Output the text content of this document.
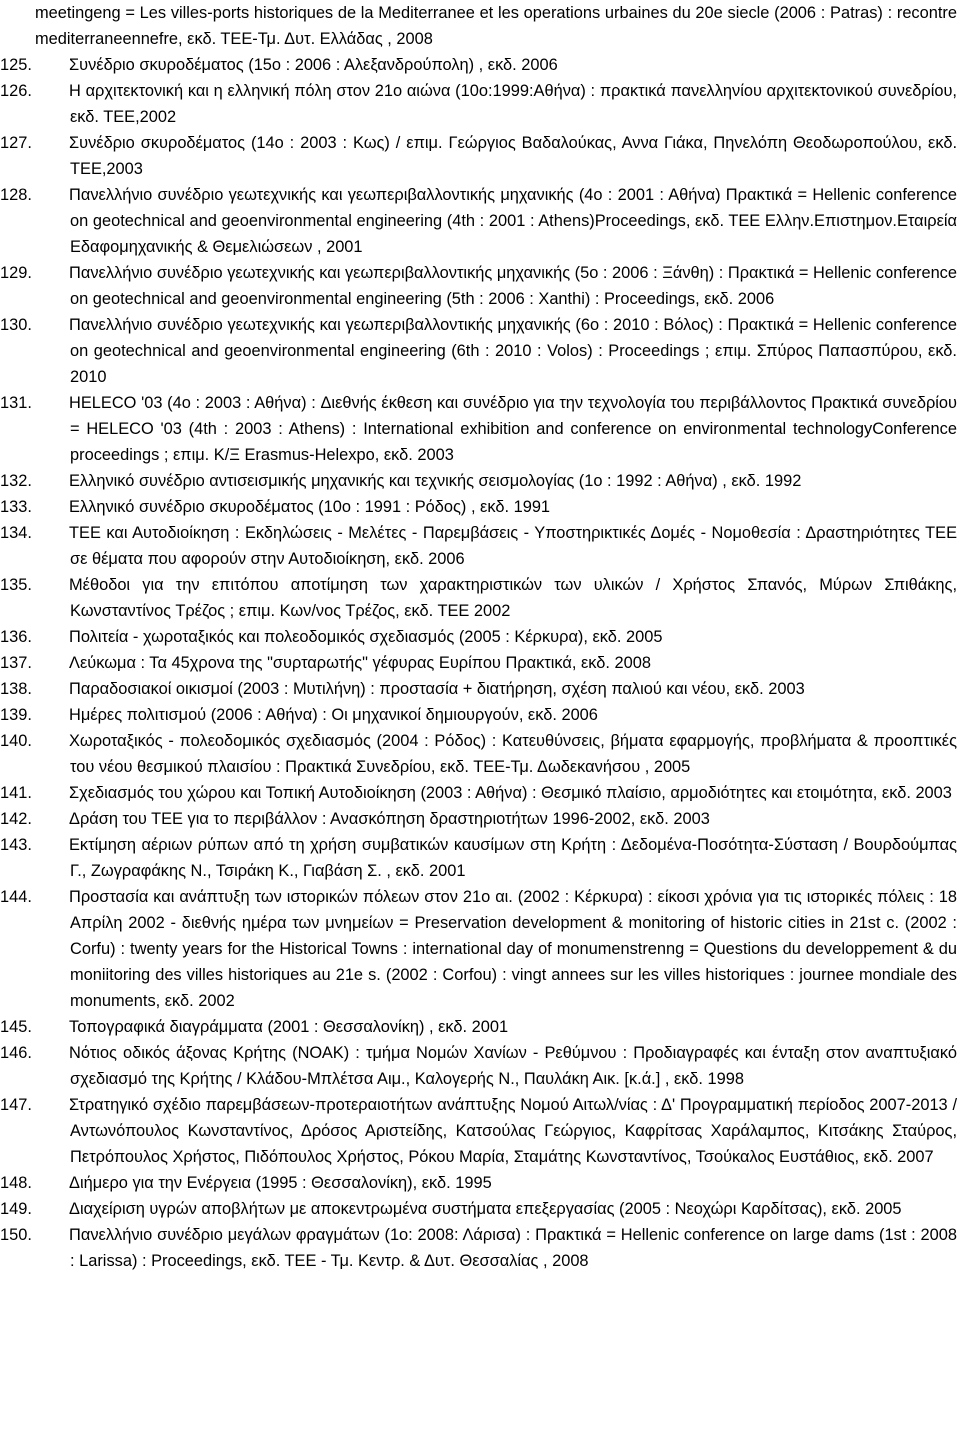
meetingeng = Les villes-ports historiques de la Mediterranee et les operations urbaines du 20e siecle (2006 : Patras) : recontre mediterraneennefre, εκδ. ΤΕΕ-Τμ. Δυτ. Ελλάδας , 2008

125. Συνέδριο σκυροδέματος (15ο : 2006 : Αλεξανδρούπολη) , εκδ. 2006

126. Η αρχιτεκτονική και η ελληνική πόλη στον 21ο αιώνα (10ο:1999:Αθήνα) : πρακτικά πανελληνίου αρχιτεκτονικού συνεδρίου, εκδ. ΤΕΕ,2002

127. Συνέδριο σκυροδέματος (14ο : 2003 : Κως) / επιμ. Γεώργιος Βαδαλούκας, Αννα Γιάκα, Πηνελόπη Θεοδωροπούλου, εκδ. ΤΕΕ,2003

128. Πανελλήνιο συνέδριο γεωτεχνικής και γεωπεριβαλλοντικής μηχανικής (4ο : 2001 : Αθήνα) Πρακτικά = Hellenic conference on geotechnical and geoenvironmental engineering (4th : 2001 : Athens)Proceedings, εκδ. ΤΕΕ Ελλην.Επιστημον.Εταιρεία Εδαφομηχανικής & Θεμελιώσεων , 2001

129. Πανελλήνιο συνέδριο γεωτεχνικής και γεωπεριβαλλοντικής μηχανικής (5ο : 2006 : Ξάνθη) : Πρακτικά = Hellenic conference on geotechnical and geoenvironmental engineering (5th : 2006 : Xanthi) : Proceedings, εκδ. 2006

130. Πανελλήνιο συνέδριο γεωτεχνικής και γεωπεριβαλλοντικής μηχανικής (6ο : 2010 : Βόλος) : Πρακτικά = Hellenic conference on geotechnical and geoenvironmental engineering (6th : 2010 : Volos) : Proceedings ; επιμ. Σπύρος Παπασπύρου, εκδ. 2010

131. HELECO '03 (4ο : 2003 : Αθήνα) : Διεθνής έκθεση και συνέδριο για την τεχνολογία του περιβάλλοντος Πρακτικά συνεδρίου = HELECO '03 (4th : 2003 : Athens) : International exhibition and conference on environmental technologyConference proceedings ; επιμ. Κ/Ξ Erasmus-Helexpo, εκδ. 2003

132. Ελληνικό συνέδριο αντισεισμικής μηχανικής και τεχνικής σεισμολογίας (1ο : 1992 : Αθήνα) , εκδ. 1992

133. Ελληνικό συνέδριο σκυροδέματος (10ο : 1991 : Ρόδος) , εκδ. 1991

134. ΤΕΕ και Αυτοδιοίκηση : Εκδηλώσεις - Μελέτες - Παρεμβάσεις - Υποστηρικτικές Δομές - Νομοθεσία : Δραστηριότητες ΤΕΕ σε θέματα που αφορούν στην Αυτοδιοίκηση, εκδ. 2006

135. Μέθοδοι για την επιτόπου αποτίμηση των χαρακτηριστικών των υλικών / Χρήστος Σπανός, Μύρων Σπιθάκης, Κωνσταντίνος Τρέζος ; επιμ. Κων/νος Τρέζος, εκδ. ΤΕΕ 2002

136. Πολιτεία - χωροταξικός και πολεοδομικός σχεδιασμός (2005 : Κέρκυρα), εκδ. 2005

137. Λεύκωμα : Τα 45χρονα της "συρταρωτής" γέφυρας Ευρίπου Πρακτικά, εκδ. 2008

138. Παραδοσιακοί οικισμοί (2003 : Μυτιλήνη) : προστασία + διατήρηση, σχέση παλιού και νέου, εκδ. 2003

139. Ημέρες πολιτισμού (2006 : Αθήνα) : Οι μηχανικοί δημιουργούν, εκδ. 2006

140. Χωροταξικός - πολεοδομικός σχεδιασμός (2004 : Ρόδος) : Κατευθύνσεις, βήματα εφαρμογής, προβλήματα & προοπτικές του νέου θεσμικού πλαισίου : Πρακτικά Συνεδρίου, εκδ. ΤΕΕ-Τμ. Δωδεκανήσου , 2005

141. Σχεδιασμός του χώρου και Τοπική Αυτοδιοίκηση (2003 : Αθήνα) : Θεσμικό πλαίσιο, αρμοδιότητες και ετοιμότητα, εκδ. 2003

142. Δράση του ΤΕΕ για το περιβάλλον : Ανασκόπηση δραστηριοτήτων 1996-2002, εκδ. 2003

143. Εκτίμηση αέριων ρύπων από τη χρήση συμβατικών καυσίμων στη Κρήτη : Δεδομένα-Ποσότητα-Σύσταση / Βουρδούμπας Γ., Ζωγραφάκης Ν., Τσιράκη Κ., Γιαβάση Σ. , εκδ. 2001

144. Προστασία και ανάπτυξη των ιστορικών πόλεων στον 21ο αι. (2002 : Κέρκυρα) : είκοσι χρόνια για τις ιστορικές πόλεις : 18 Απρίλη 2002 - διεθνής ημέρα των μνημείων = Preservation development & monitoring of historic cities in 21st c. (2002 : Corfu) : twenty years for the Historical Towns : international day of monumenstrenng = Questions du developpement & du moniitoring des villes historiques au 21e s. (2002 : Corfou) : vingt annees sur les villes historiques : journee mondiale des monuments, εκδ. 2002

145. Τοπογραφικά διαγράμματα (2001 : Θεσσαλονίκη) , εκδ. 2001

146. Νότιος οδικός άξονας Κρήτης (ΝΟΑΚ) : τμήμα Νομών Χανίων - Ρεθύμνου : Προδιαγραφές και ένταξη στον αναπτυξιακό σχεδιασμό της Κρήτης / Κλάδου-Μπλέτσα Αιμ., Καλογερής Ν., Παυλάκη Αικ. [κ.ά.] , εκδ. 1998

147. Στρατηγικό σχέδιο παρεμβάσεων-προτεραιοτήτων ανάπτυξης Νομού Αιτωλ/νίας : Δ' Προγραμματική περίοδος 2007-2013 / Αντωνόπουλος Κωνσταντίνος, Δρόσος Αριστείδης, Κατσούλας Γεώργιος, Καφρίτσας Χαράλαμπος, Κιτσάκης Σταύρος, Πετρόπουλος Χρήστος, Πιδόπουλος Χρήστος, Ρόκου Μαρία, Σταμάτης Κωνσταντίνος, Τσούκαλος Ευστάθιος, εκδ. 2007

148. Διήμερο για την Ενέργεια (1995 : Θεσσαλονίκη), εκδ. 1995

149. Διαχείριση υγρών αποβλήτων με αποκεντρωμένα συστήματα επεξεργασίας (2005 : Νεοχώρι Καρδίτσας), εκδ. 2005

150. Πανελλήνιο συνέδριο μεγάλων φραγμάτων (1ο: 2008: Λάρισα) : Πρακτικά = Hellenic conference on large dams (1st : 2008 : Larissa) : Proceedings, εκδ. ΤΕΕ - Τμ. Κεντρ. & Δυτ. Θεσσαλίας , 2008
